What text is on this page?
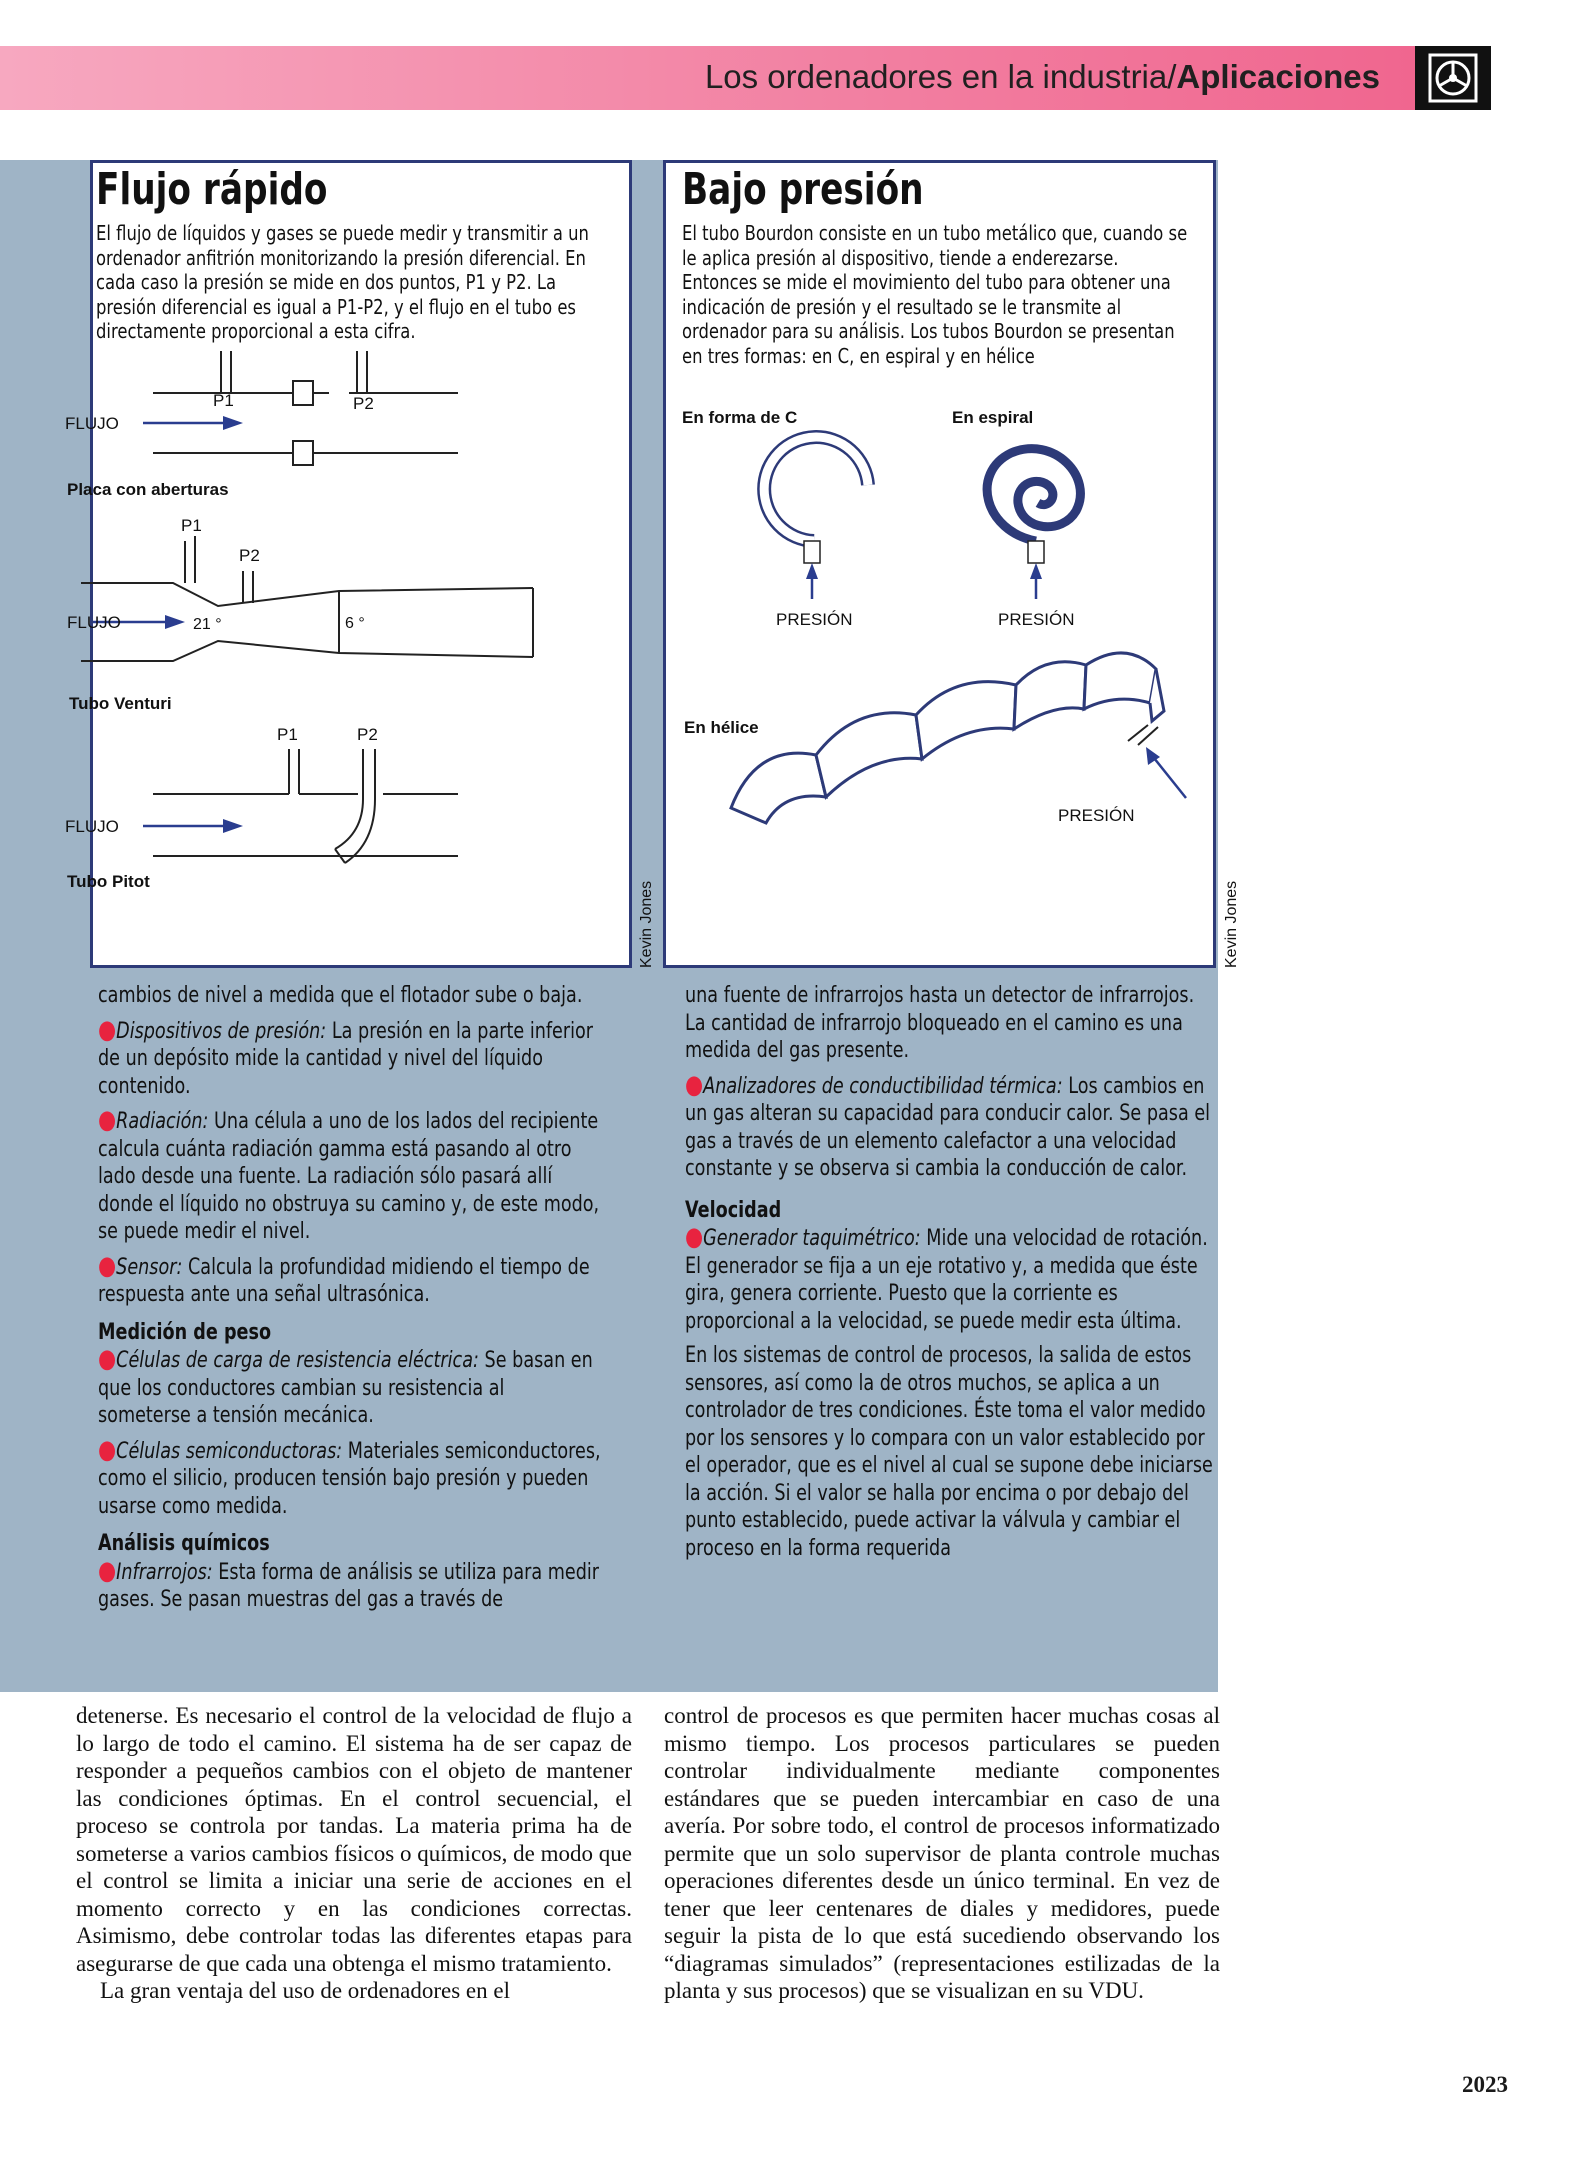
Los ordenadores en la industria/Aplicaciones
Flujo rápido
El flujo de líquidos y gases se puede medir y transmitir a un ordenador anfitrión monitorizando la presión diferencial. En cada caso la presión se mide en dos puntos, P1 y P2. La presión diferencial es igual a P1-P2, y el flujo en el tubo es directamente proporcional a esta cifra.
P1	P2
FLUJO
Placa con aberturas
P1
P2
FLUJO	21 °	6 °
Tubo Venturi
P1	P2
FLUJO
Tubo Pitot	Kevin Jones
Bajo presión
El tubo Bourdon consiste en un tubo metálico que, cuando se le aplica presión al dispositivo, tiende a enderezarse. Entonces se mide el movimiento del tubo para obtener una indicación de presión y el resultado se le transmite al ordenador para su análisis. Los tubos Bourdon se presentan en tres formas: en C, en espiral y en hélice
En forma de C
PRESIÓN
En espiral
PRESIÓN
En hélice
PRESIÓN
Kevin Jones

cambios de nivel a medida que el flotador sube o baja.

●Dispositivos de presión: La presión en la parte inferior de un depósito mide la cantidad y nivel del líquido contenido.

●Radiación: Una célula a uno de los lados del recipiente calcula cuánta radiación gamma está pasando al otro lado desde una fuente. La radiación sólo pasará allí donde el líquido no obstruya su camino y, de este modo, se puede medir el nivel.

●Sensor: Calcula la profundidad midiendo el tiempo de respuesta ante una señal ultrasónica.

Medición de peso

●Células de carga de resistencia eléctrica: Se basan en que los conductores cambian su resistencia al someterse a tensión mecánica.

●Células semiconductoras: Materiales semiconductores, como el silicio, producen tensión bajo presión y pueden usarse como medida.

Análisis químicos

●Infrarrojos: Esta forma de análisis se utiliza para medir gases. Se pasan muestras del gas a través de

una fuente de infrarrojos hasta un detector de infrarrojos. La cantidad de infrarrojo bloqueado en el camino es una medida del gas presente.

●Analizadores de conductibilidad térmica: Los cambios en un gas alteran su capacidad para conducir calor. Se pasa el gas a través de un elemento calefactor a una velocidad constante y se observa si cambia la conducción de calor.

Velocidad

●Generador taquimétrico: Mide una velocidad de rotación. El generador se fija a un eje rotativo y, a medida que éste gira, genera corriente. Puesto que la corriente es proporcional a la velocidad, se puede medir esta última.

En los sistemas de control de procesos, la salida de estos sensores, así como la de otros muchos, se aplica a un controlador de tres condiciones. Éste toma el valor medido por los sensores y lo compara con un valor establecido por el operador, que es el nivel al cual se supone debe iniciarse la acción. Si el valor se halla por encima o por debajo del punto establecido, puede activar la válvula y cambiar el proceso en la forma requerida

detenerse. Es necesario el control de la velocidad de flujo a lo largo de todo el camino. El sistema ha de ser capaz de responder a pequeños cambios con el objeto de mantener las condiciones óptimas. En el control secuencial, el proceso se controla por tandas. La materia prima ha de someterse a varios cambios físicos o químicos, de modo que el control se limita a iniciar una serie de acciones en el momento correcto y en las condiciones correctas. Asimismo, debe controlar todas las diferentes etapas para asegurarse de que cada una obtenga el mismo tratamiento.

La gran ventaja del uso de ordenadores en el

control de procesos es que permiten hacer muchas cosas al mismo tiempo. Los procesos particulares se pueden controlar individualmente mediante componentes estándares que se pueden intercambiar en caso de una avería. Por sobre todo, el control de procesos informatizado permite que un solo supervisor de planta controle muchas operaciones diferentes desde un único terminal. En vez de tener que leer centenares de diales y medidores, puede seguir la pista de lo que está sucediendo observando los “diagramas simulados” (representaciones estilizadas de la planta y sus procesos) que se visualizan en su VDU.

2023
